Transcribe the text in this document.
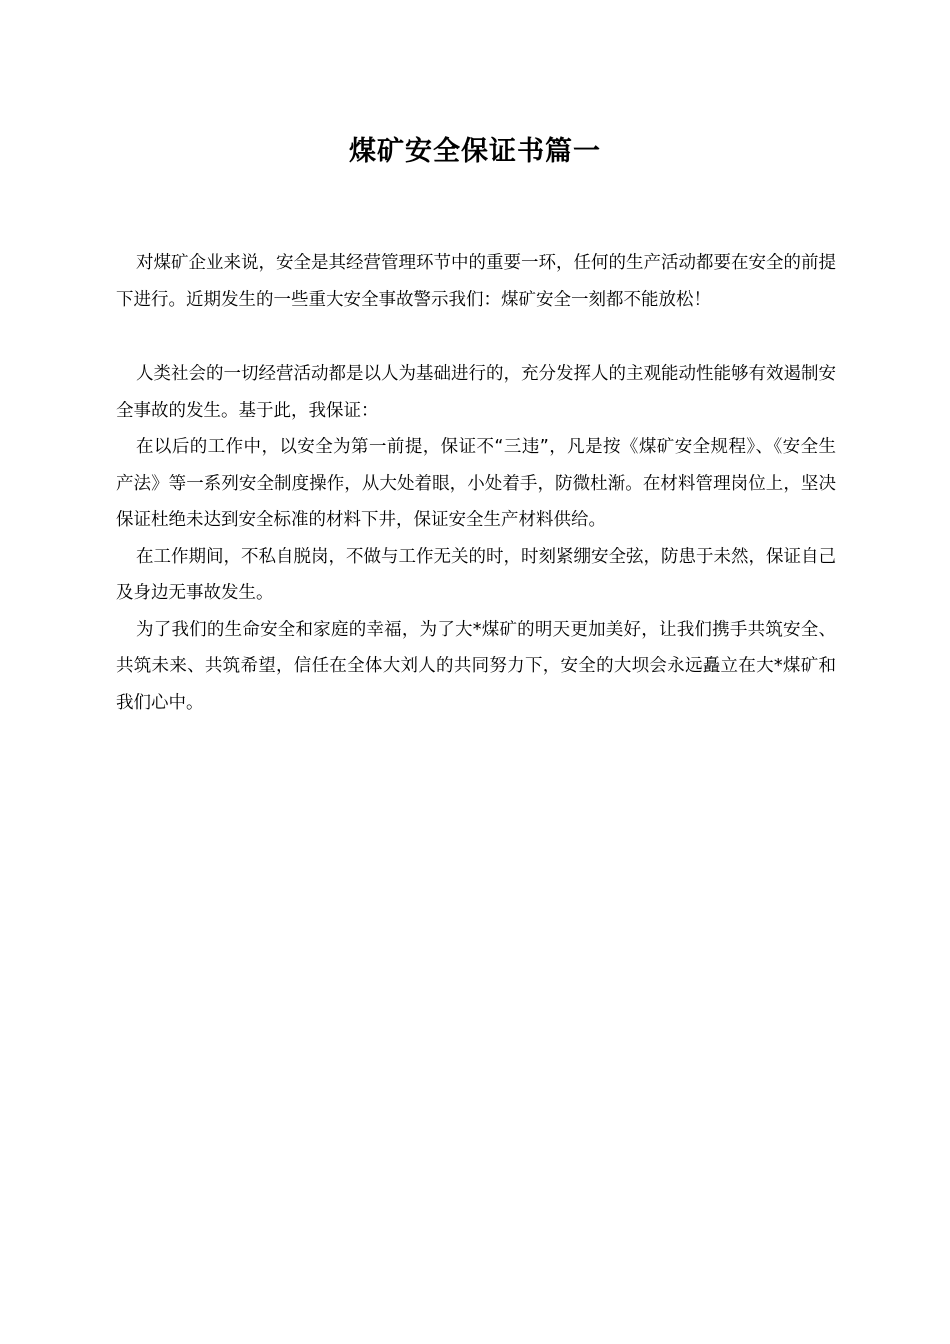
煤矿安全保证书篇一

对煤矿企业来说，安全是其经营管理环节中的重要一环，任何的生产活动都要在安全的前提下进行。近期发生的一些重大安全事故警示我们：煤矿安全一刻都不能放松！

人类社会的一切经营活动都是以人为基础进行的，充分发挥人的主观能动性能够有效遏制安全事故的发生。基于此，我保证：

在以后的工作中，以安全为第一前提，保证不“三违”，凡是按《煤矿安全规程》、《安全生产法》等一系列安全制度操作，从大处着眼，小处着手，防微杜渐。在材料管理岗位上，坚决保证杜绝未达到安全标准的材料下井，保证安全生产材料供给。

在工作期间，不私自脱岗，不做与工作无关的时，时刻紧绷安全弦，防患于未然，保证自己及身边无事故发生。

为了我们的生命安全和家庭的幸福，为了大*煤矿的明天更加美好，让我们携手共筑安全、共筑未来、共筑希望，信任在全体大刘人的共同努力下，安全的大坝会永远矗立在大*煤矿和我们心中。
